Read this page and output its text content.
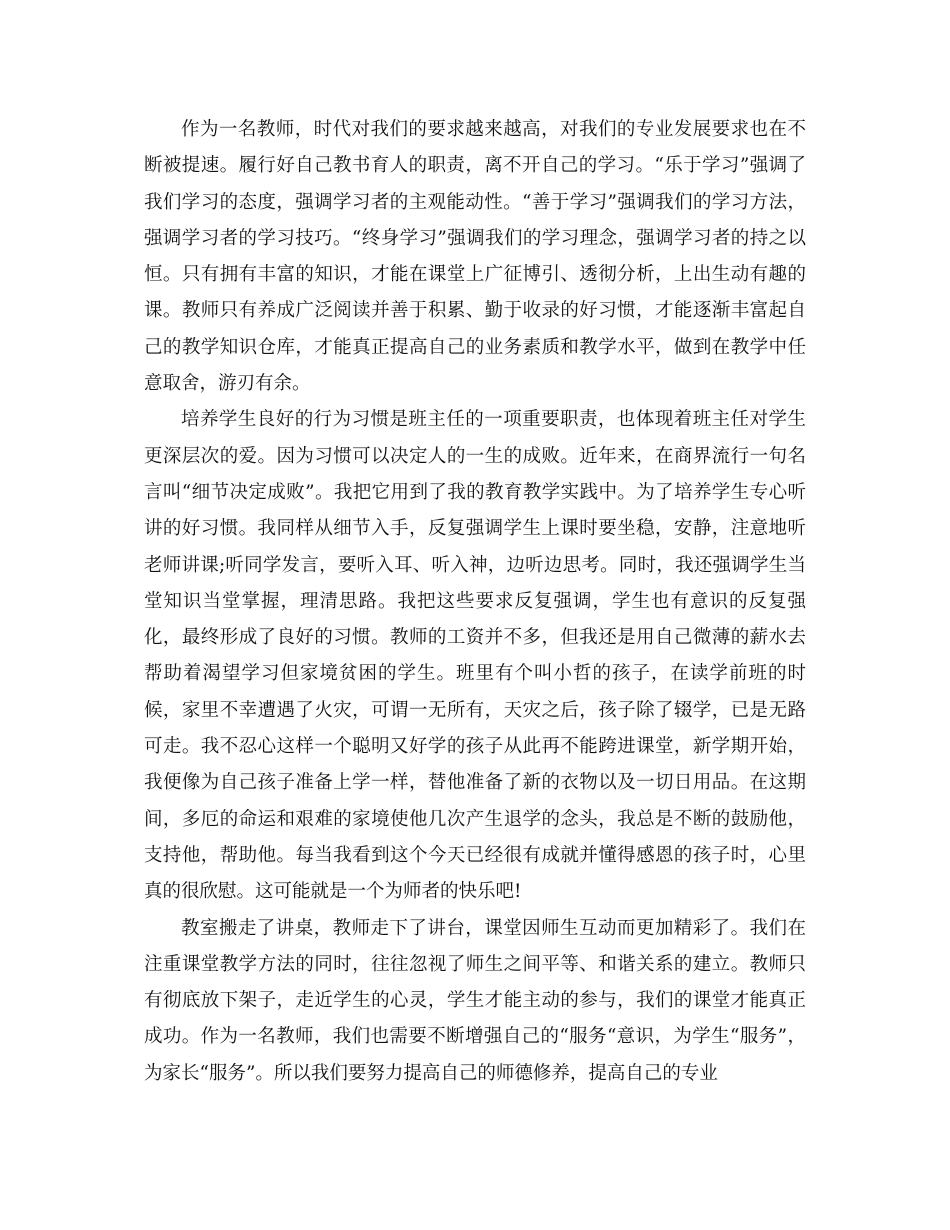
作为一名教师，时代对我们的要求越来越高，对我们的专业发展要求也在不断被提速。履行好自己教书育人的职责，离不开自己的学习。“乐于学习”强调了我们学习的态度，强调学习者的主观能动性。“善于学习”强调我们的学习方法，强调学习者的学习技巧。“终身学习”强调我们的学习理念，强调学习者的持之以恒。只有拥有丰富的知识，才能在课堂上广征博引、透彻分析，上出生动有趣的课。教师只有养成广泛阅读并善于积累、勤于收录的好习惯，才能逐渐丰富起自己的教学知识仓库，才能真正提高自己的业务素质和教学水平，做到在教学中任意取舍，游刃有余。

培养学生良好的行为习惯是班主任的一项重要职责，也体现着班主任对学生更深层次的爱。因为习惯可以决定人的一生的成败。近年来，在商界流行一句名言叫“细节决定成败”。我把它用到了我的教育教学实践中。为了培养学生专心听讲的好习惯。我同样从细节入手，反复强调学生上课时要坐稳，安静，注意地听老师讲课;听同学发言，要听入耳、听入神，边听边思考。同时，我还强调学生当堂知识当堂掌握，理清思路。我把这些要求反复强调，学生也有意识的反复强化，最终形成了良好的习惯。教师的工资并不多，但我还是用自己微薄的薪水去帮助着渴望学习但家境贫困的学生。班里有个叫小哲的孩子，在读学前班的时候，家里不幸遭遇了火灾，可谓一无所有，天灾之后，孩子除了辍学，已是无路可走。我不忍心这样一个聪明又好学的孩子从此再不能跨进课堂，新学期开始，我便像为自己孩子准备上学一样，替他准备了新的衣物以及一切日用品。在这期间，多厄的命运和艰难的家境使他几次产生退学的念头，我总是不断的鼓励他，支持他，帮助他。每当我看到这个今天已经很有成就并懂得感恩的孩子时，心里真的很欣慰。这可能就是一个为师者的快乐吧!

教室搬走了讲桌，教师走下了讲台，课堂因师生互动而更加精彩了。我们在注重课堂教学方法的同时，往往忽视了师生之间平等、和谐关系的建立。教师只有彻底放下架子，走近学生的心灵，学生才能主动的参与，我们的课堂才能真正成功。作为一名教师，我们也需要不断增强自己的“服务“意识，为学生“服务”，为家长“服务”。所以我们要努力提高自己的师德修养，提高自己的专业
